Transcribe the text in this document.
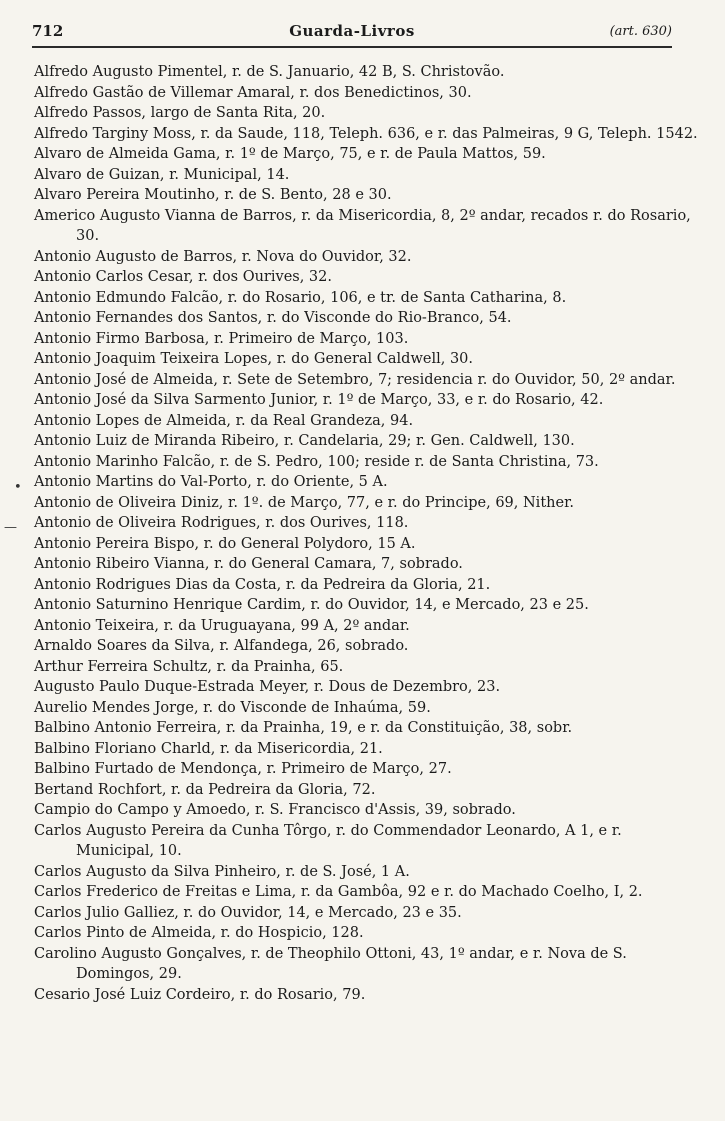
712	Guarda-Livros	(art. 630)
•
—
Alfredo Augusto Pimentel, r. de S. Januario, 42 B, S. Christovão.
Alfredo Gastão de Villemar Amaral, r. dos Benedictinos, 30.
Alfredo Passos, largo de Santa Rita, 20.
Alfredo Targiny Moss, r. da Saude, 118, Teleph. 636, e r. das Palmeiras, 9 G, Teleph. 1542.
Alvaro de Almeida Gama, r. 1º de Março, 75, e r. de Paula Mattos, 59.
Alvaro de Guizan, r. Municipal, 14.
Alvaro Pereira Moutinho, r. de S. Bento, 28 e 30.
Americo Augusto Vianna de Barros, r. da Misericordia, 8, 2º andar, recados r. do Rosario, 30.
Antonio Augusto de Barros, r. Nova do Ouvidor, 32.
Antonio Carlos Cesar, r. dos Ourives, 32.
Antonio Edmundo Falcão, r. do Rosario, 106, e tr. de Santa Catharina, 8.
Antonio Fernandes dos Santos, r. do Visconde do Rio-Branco, 54.
Antonio Firmo Barbosa, r. Primeiro de Março, 103.
Antonio Joaquim Teixeira Lopes, r. do General Caldwell, 30.
Antonio José de Almeida, r. Sete de Setembro, 7; residencia r. do Ouvidor, 50, 2º andar.
Antonio José da Silva Sarmento Junior, r. 1º de Março, 33, e r. do Rosario, 42.
Antonio Lopes de Almeida, r. da Real Grandeza, 94.
Antonio Luiz de Miranda Ribeiro, r. Candelaria, 29; r. Gen. Caldwell, 130.
Antonio Marinho Falcão, r. de S. Pedro, 100; reside r. de Santa Christina, 73.
Antonio Martins do Val-Porto, r. do Oriente, 5 A.
Antonio de Oliveira Diniz, r. 1º. de Março, 77, e r. do Principe, 69, Nither.
Antonio de Oliveira Rodrigues, r. dos Ourives, 118.
Antonio Pereira Bispo, r. do General Polydoro, 15 A.
Antonio Ribeiro Vianna, r. do General Camara, 7, sobrado.
Antonio Rodrigues Dias da Costa, r. da Pedreira da Gloria, 21.
Antonio Saturnino Henrique Cardim, r. do Ouvidor, 14, e Mercado, 23 e 25.
Antonio Teixeira, r. da Uruguayana, 99 A, 2º andar.
Arnaldo Soares da Silva, r. Alfandega, 26, sobrado.
Arthur Ferreira Schultz, r. da Prainha, 65.
Augusto Paulo Duque-Estrada Meyer, r. Dous de Dezembro, 23.
Aurelio Mendes Jorge, r. do Visconde de Inhaúma, 59.
Balbino Antonio Ferreira, r. da Prainha, 19, e r. da Constituição, 38, sobr.
Balbino Floriano Charld, r. da Misericordia, 21.
Balbino Furtado de Mendonça, r. Primeiro de Março, 27.
Bertand Rochfort, r. da Pedreira da Gloria, 72.
Campio do Campo y Amoedo, r. S. Francisco d'Assis, 39, sobrado.
Carlos Augusto Pereira da Cunha Tôrgo, r. do Commendador Leonardo, A 1, e r. Municipal, 10.
Carlos Augusto da Silva Pinheiro, r. de S. José, 1 A.
Carlos Frederico de Freitas e Lima, r. da Gambôa, 92 e r. do Machado Coelho, I, 2.
Carlos Julio Galliez, r. do Ouvidor, 14, e Mercado, 23 e 35.
Carlos Pinto de Almeida, r. do Hospicio, 128.
Carolino Augusto Gonçalves, r. de Theophilo Ottoni, 43, 1º andar, e r. Nova de S. Domingos, 29.
Cesario José Luiz Cordeiro, r. do Rosario, 79.
